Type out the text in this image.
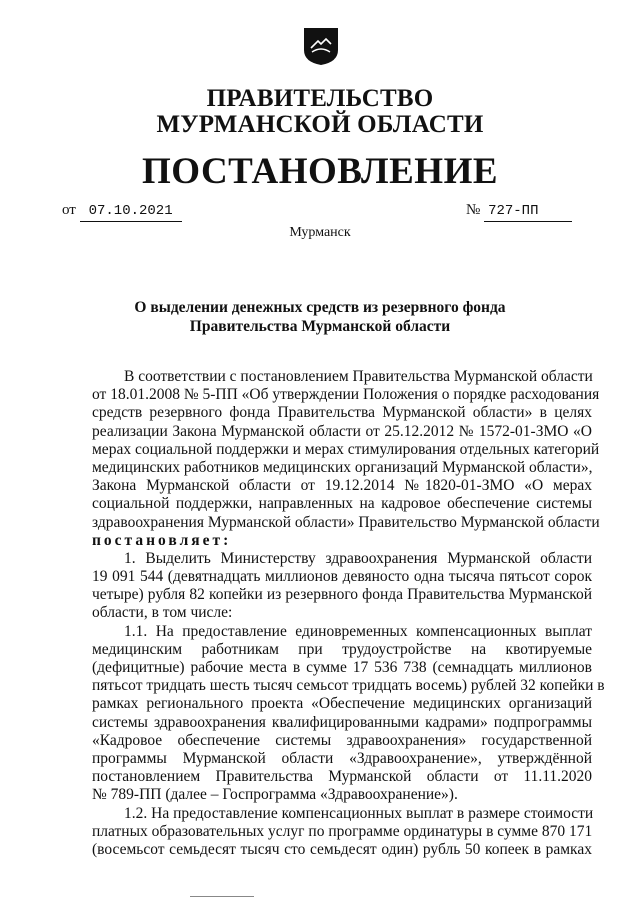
ПРАВИТЕЛЬСТВО
МУРМАНСКОЙ ОБЛАСТИ
ПОСТАНОВЛЕНИЕ
от 07.10.2021	№ 727-ПП
Мурманск
О выделении денежных средств из резервного фонда
Правительства Мурманской области
В соответствии с постановлением Правительства Мурманской области
от 18.01.2008 № 5-ПП «Об утверждении Положения о порядке расходования
средств резервного фонда Правительства Мурманской области» в целях
реализации Закона Мурманской области от 25.12.2012 № 1572-01-ЗМО «О
мерах социальной поддержки и мерах стимулирования отдельных категорий
медицинских работников медицинских организаций Мурманской области»,
Закона Мурманской области от 19.12.2014 №1820-01-ЗМО «О мерах
социальной поддержки, направленных на кадровое обеспечение системы
здравоохранения Мурманской области» Правительство Мурманской области
постановляет:
1. Выделить Министерству здравоохранения Мурманской области
19 091 544 (девятнадцать миллионов девяносто одна тысяча пятьсот сорок
четыре) рубля 82 копейки из резервного фонда Правительства Мурманской
области, в том числе:
1.1. На предоставление единовременных компенсационных выплат
медицинским работникам при трудоустройстве на квотируемые
(дефицитные) рабочие места в сумме 17 536 738 (семнадцать миллионов
пятьсот тридцать шесть тысяч семьсот тридцать восемь) рублей 32 копейки в
рамках регионального проекта «Обеспечение медицинских организаций
системы здравоохранения квалифицированными кадрами» подпрограммы
«Кадровое обеспечение системы здравоохранения» государственной
программы Мурманской области «Здравоохранение», утверждённой
постановлением Правительства Мурманской области от 11.11.2020
№ 789-ПП (далее – Госпрограмма «Здравоохранение»).
1.2. На предоставление компенсационных выплат в размере стоимости
платных образовательных услуг по программе ординатуры в сумме 870 171
(восемьсот семьдесят тысяч сто семьдесят один) рубль 50 копеек в рамках
